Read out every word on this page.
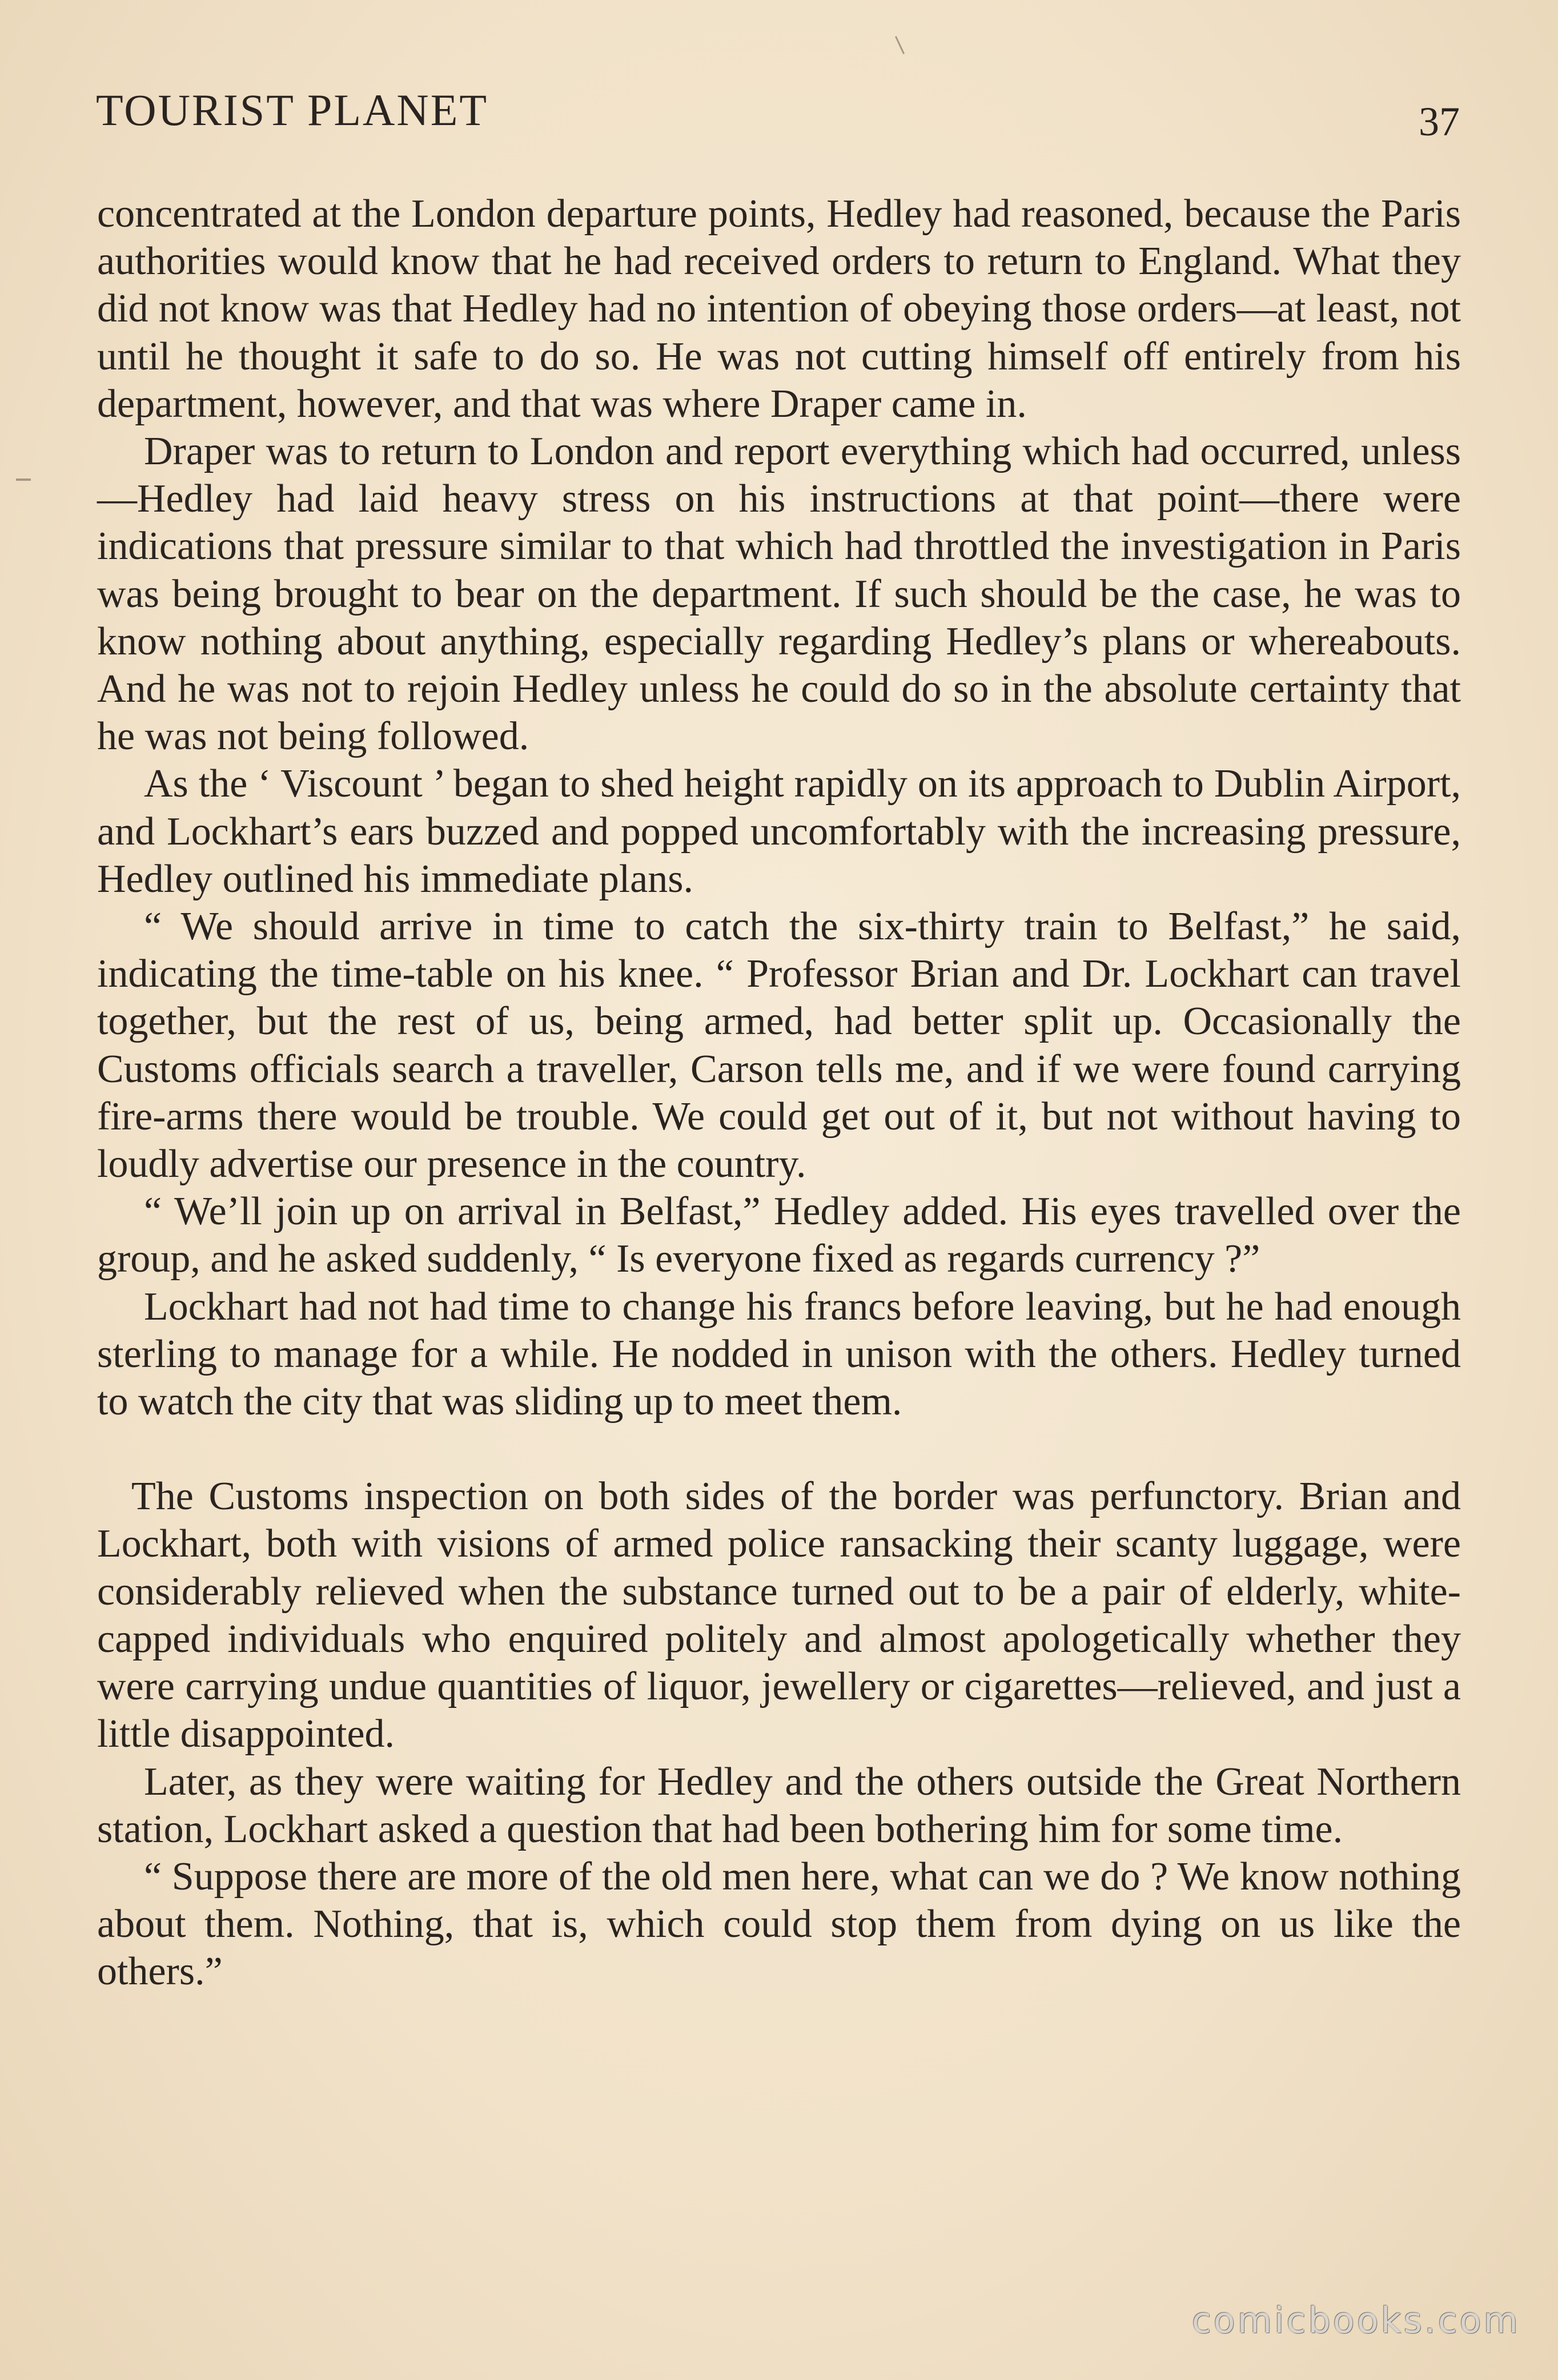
TOURIST PLANET	37

concentrated at the London departure points, Hedley had reasoned, because the Paris authorities would know that he had received orders to return to England. What they did not know was that Hedley had no intention of obeying those orders—at least, not until he thought it safe to do so. He was not cutting himself off entirely from his department, however, and that was where Draper came in.

Draper was to return to London and report everything which had occurred, unless—Hedley had laid heavy stress on his instructions at that point—there were indications that pressure similar to that which had throttled the investigation in Paris was being brought to bear on the department. If such should be the case, he was to know nothing about anything, especially regarding Hedley’s plans or whereabouts. And he was not to rejoin Hedley unless he could do so in the absolute certainty that he was not being followed.

As the ‘ Viscount ’ began to shed height rapidly on its approach to Dublin Airport, and Lockhart’s ears buzzed and popped uncomfortably with the increasing pressure, Hedley outlined his immediate plans.

“ We should arrive in time to catch the six-thirty train to Belfast,” he said, indicating the time-table on his knee. “ Professor Brian and Dr. Lockhart can travel together, but the rest of us, being armed, had better split up. Occasionally the Customs officials search a traveller, Carson tells me, and if we were found carrying fire-arms there would be trouble. We could get out of it, but not without having to loudly advertise our presence in the country.

“ We’ll join up on arrival in Belfast,” Hedley added. His eyes travelled over the group, and he asked suddenly, “ Is everyone fixed as regards currency ?”

Lockhart had not had time to change his francs before leaving, but he had enough sterling to manage for a while. He nodded in unison with the others. Hedley turned to watch the city that was sliding up to meet them.

The Customs inspection on both sides of the border was perfunctory. Brian and Lockhart, both with visions of armed police ransacking their scanty luggage, were considerably relieved when the substance turned out to be a pair of elderly, white-capped individuals who enquired politely and almost apologetically whether they were carrying undue quantities of liquor, jewellery or cigarettes—relieved, and just a little disappointed.

Later, as they were waiting for Hedley and the others outside the Great Northern station, Lockhart asked a question that had been bothering him for some time.

“ Suppose there are more of the old men here, what can we do ? We know nothing about them. Nothing, that is, which could stop them from dying on us like the others.”

comicbooks.com
